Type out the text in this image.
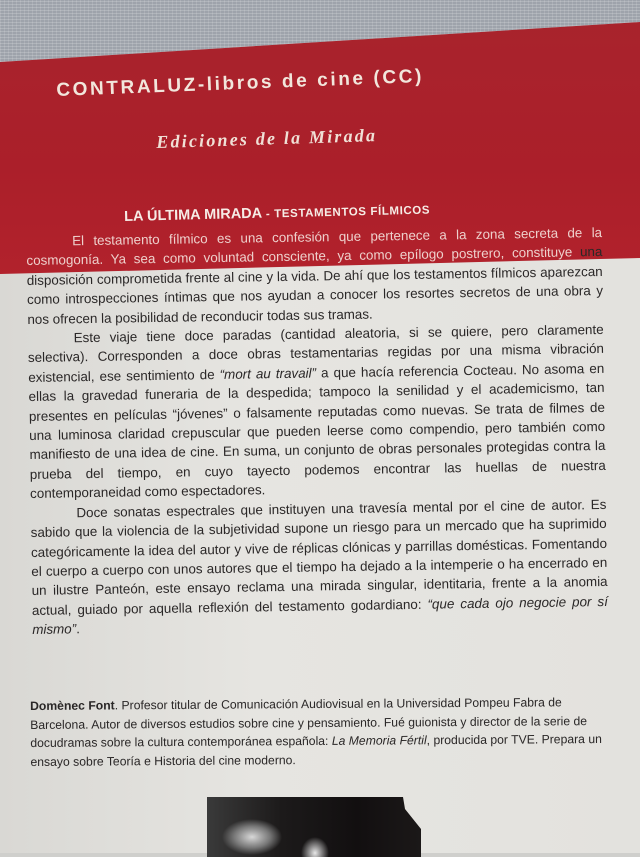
CONTRALUZ-libros de cine (CC)
Ediciones de la Mirada
LA ÚLTIMA MIRADA - TESTAMENTOS FÍLMICOS

El testamento fílmico es una confesión que pertenece a la zona secreta de la cosmogonía. Ya sea como voluntad consciente, ya como epílogo postrero, constituye una disposición comprometida frente al cine y la vida. De ahí que los testamentos fílmicos aparezcan como introspecciones íntimas que nos ayudan a conocer los resortes secretos de una obra y nos ofrecen la posibilidad de reconducir todas sus tramas.

Este viaje tiene doce paradas (cantidad aleatoria, si se quiere, pero claramente selectiva). Corresponden a doce obras testamentarias regidas por una misma vibración existencial, ese sentimiento de “mort au travail” a que hacía referencia Cocteau. No asoma en ellas la gravedad funeraria de la despedida; tampoco la senilidad y el academicismo, tan presentes en películas “jóvenes” o falsamente reputadas como nuevas. Se trata de filmes de una luminosa claridad crepuscular que pueden leerse como compendio, pero también como manifiesto de una idea de cine. En suma, un conjunto de obras personales protegidas contra la prueba del tiempo, en cuyo tayecto podemos encontrar las huellas de nuestra contemporaneidad como espectadores.

Doce sonatas espectrales que instituyen una travesía mental por el cine de autor. Es sabido que la violencia de la subjetividad supone un riesgo para un mercado que ha suprimido categóricamente la idea del autor y vive de réplicas clónicas y parrillas domésticas. Fomentando el cuerpo a cuerpo con unos autores que el tiempo ha dejado a la intemperie o ha encerrado en un ilustre Panteón, este ensayo reclama una mirada singular, identitaria, frente a la anomia actual, guiado por aquella reflexión del testamento godardiano: “que cada ojo negocie por sí mismo”.

Domènec Font. Profesor titular de Comunicación Audiovisual en la Universidad Pompeu Fabra de Barcelona. Autor de diversos estudios sobre cine y pensamiento. Fué guionista y director de la serie de docudramas sobre la cultura contemporánea española: La Memoria Fértil, producida por TVE. Prepara un ensayo sobre Teoría e Historia del cine moderno.
